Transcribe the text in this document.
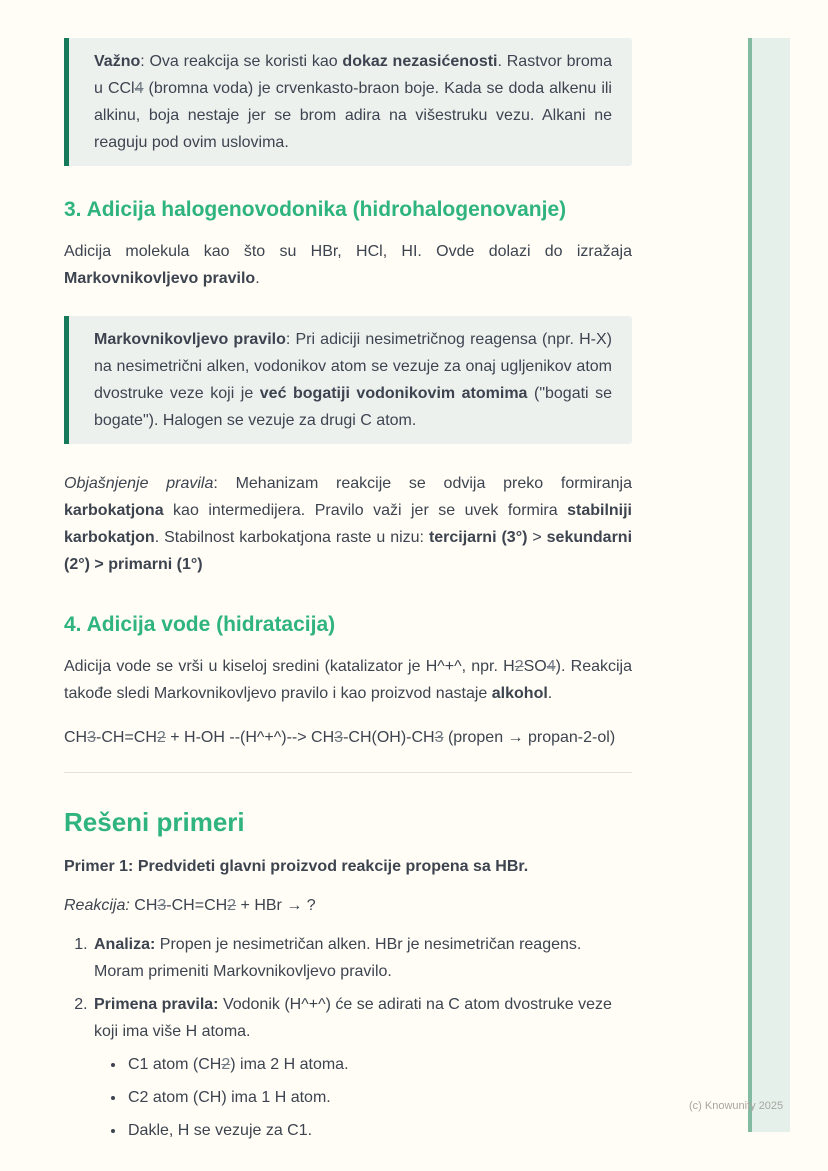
Važno: Ova reakcija se koristi kao dokaz nezasićenosti. Rastvor broma u CCl4 (bromna voda) je crvenkasto-braon boje. Kada se doda alkenu ili alkinu, boja nestaje jer se brom adira na višestruku vezu. Alkani ne reaguju pod ovim uslovima.

3. Adicija halogenovodonika (hidrohalogenovanje)

Adicija molekula kao što su HBr, HCl, HI. Ovde dolazi do izražaja Markovnikovljevo pravilo.

Markovnikovljevo pravilo: Pri adiciji nesimetričnog reagensa (npr. H-X) na nesimetrični alken, vodonikov atom se vezuje za onaj ugljenikov atom dvostruke veze koji je već bogatiji vodonikovim atomima ("bogati se bogate"). Halogen se vezuje za drugi C atom.

Objašnjenje pravila: Mehanizam reakcije se odvija preko formiranja karbokatjona kao intermedijera. Pravilo važi jer se uvek formira stabilniji karbokatjon. Stabilnost karbokatjona raste u nizu: tercijarni (3°) > sekundarni (2°) > primarni (1°)

4. Adicija vode (hidratacija)

Adicija vode se vrši u kiseloj sredini (katalizator je H^+^, npr. H2SO4). Reakcija takođe sledi Markovnikovljevo pravilo i kao proizvod nastaje alkohol.

CH3-CH=CH2 + H-OH --(H^+^)--> CH3-CH(OH)-CH3 (propen → propan-2-ol)

Rešeni primeri

Primer 1: Predvideti glavni proizvod reakcije propena sa HBr.

Reakcija: CH3-CH=CH2 + HBr → ?

1. Analiza: Propen je nesimetričan alken. HBr je nesimetričan reagens. Moram primeniti Markovnikovljevo pravilo.
2. Primena pravila: Vodonik (H^+^) će se adirati na C atom dvostruke veze koji ima više H atoma.
• C1 atom (CH2) ima 2 H atoma.
• C2 atom (CH) ima 1 H atom.
• Dakle, H se vezuje za C1.
(c) Knowunity 2025
